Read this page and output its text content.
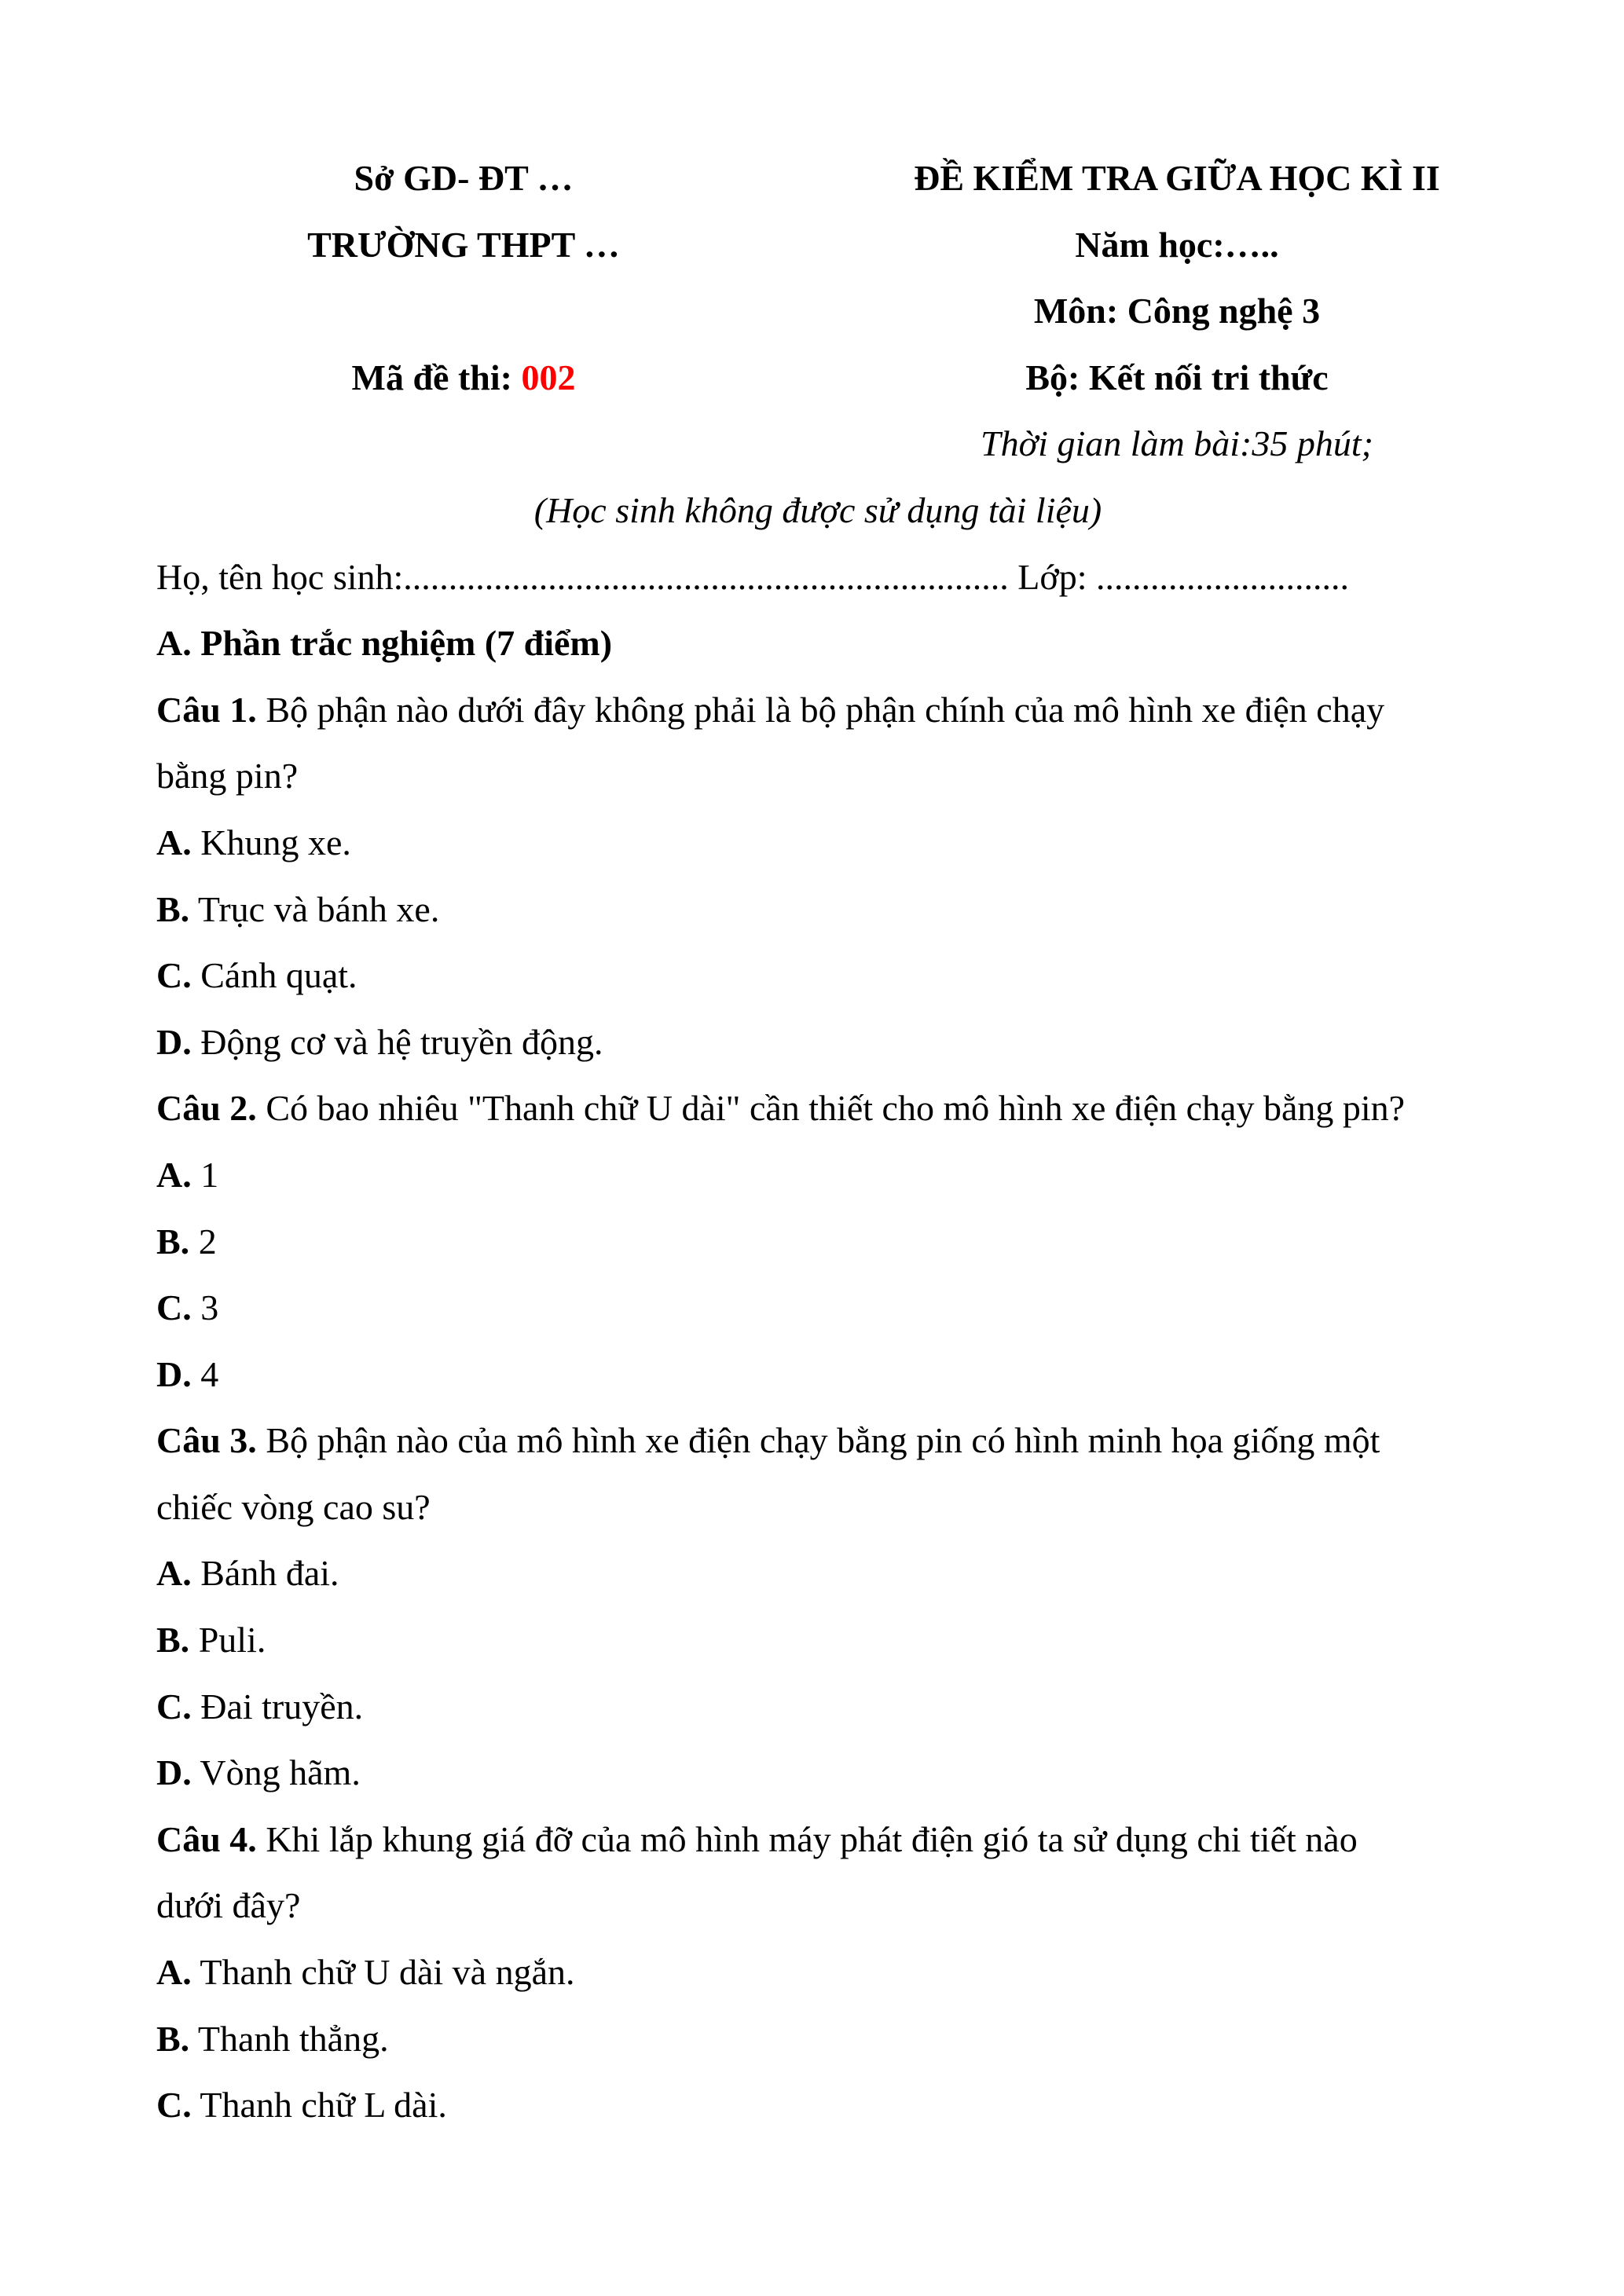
Sở GD- ĐT …	ĐỀ KIỂM TRA GIỮA HỌC KÌ II
TRƯỜNG THPT …	Năm học:…..
Môn: Công nghệ 3
Mã đề thi: 002	Bộ: Kết nối tri thức
Thời gian làm bài:35 phút;
(Học sinh không được sử dụng tài liệu)
Họ, tên học sinh:................................................................... Lớp: ............................
A. Phần trắc nghiệm (7 điểm)
Câu 1. Bộ phận nào dưới đây không phải là bộ phận chính của mô hình xe điện chạy
bằng pin?
A. Khung xe.
B. Trục và bánh xe.
C. Cánh quạt.
D. Động cơ và hệ truyền động.
Câu 2. Có bao nhiêu "Thanh chữ U dài" cần thiết cho mô hình xe điện chạy bằng pin?
A. 1
B. 2
C. 3
D. 4
Câu 3. Bộ phận nào của mô hình xe điện chạy bằng pin có hình minh họa giống một
chiếc vòng cao su?
A. Bánh đai.
B. Puli.
C. Đai truyền.
D. Vòng hãm.
Câu 4. Khi lắp khung giá đỡ của mô hình máy phát điện gió ta sử dụng chi tiết nào
dưới đây?
A. Thanh chữ U dài và ngắn.
B. Thanh thẳng.
C. Thanh chữ L dài.
